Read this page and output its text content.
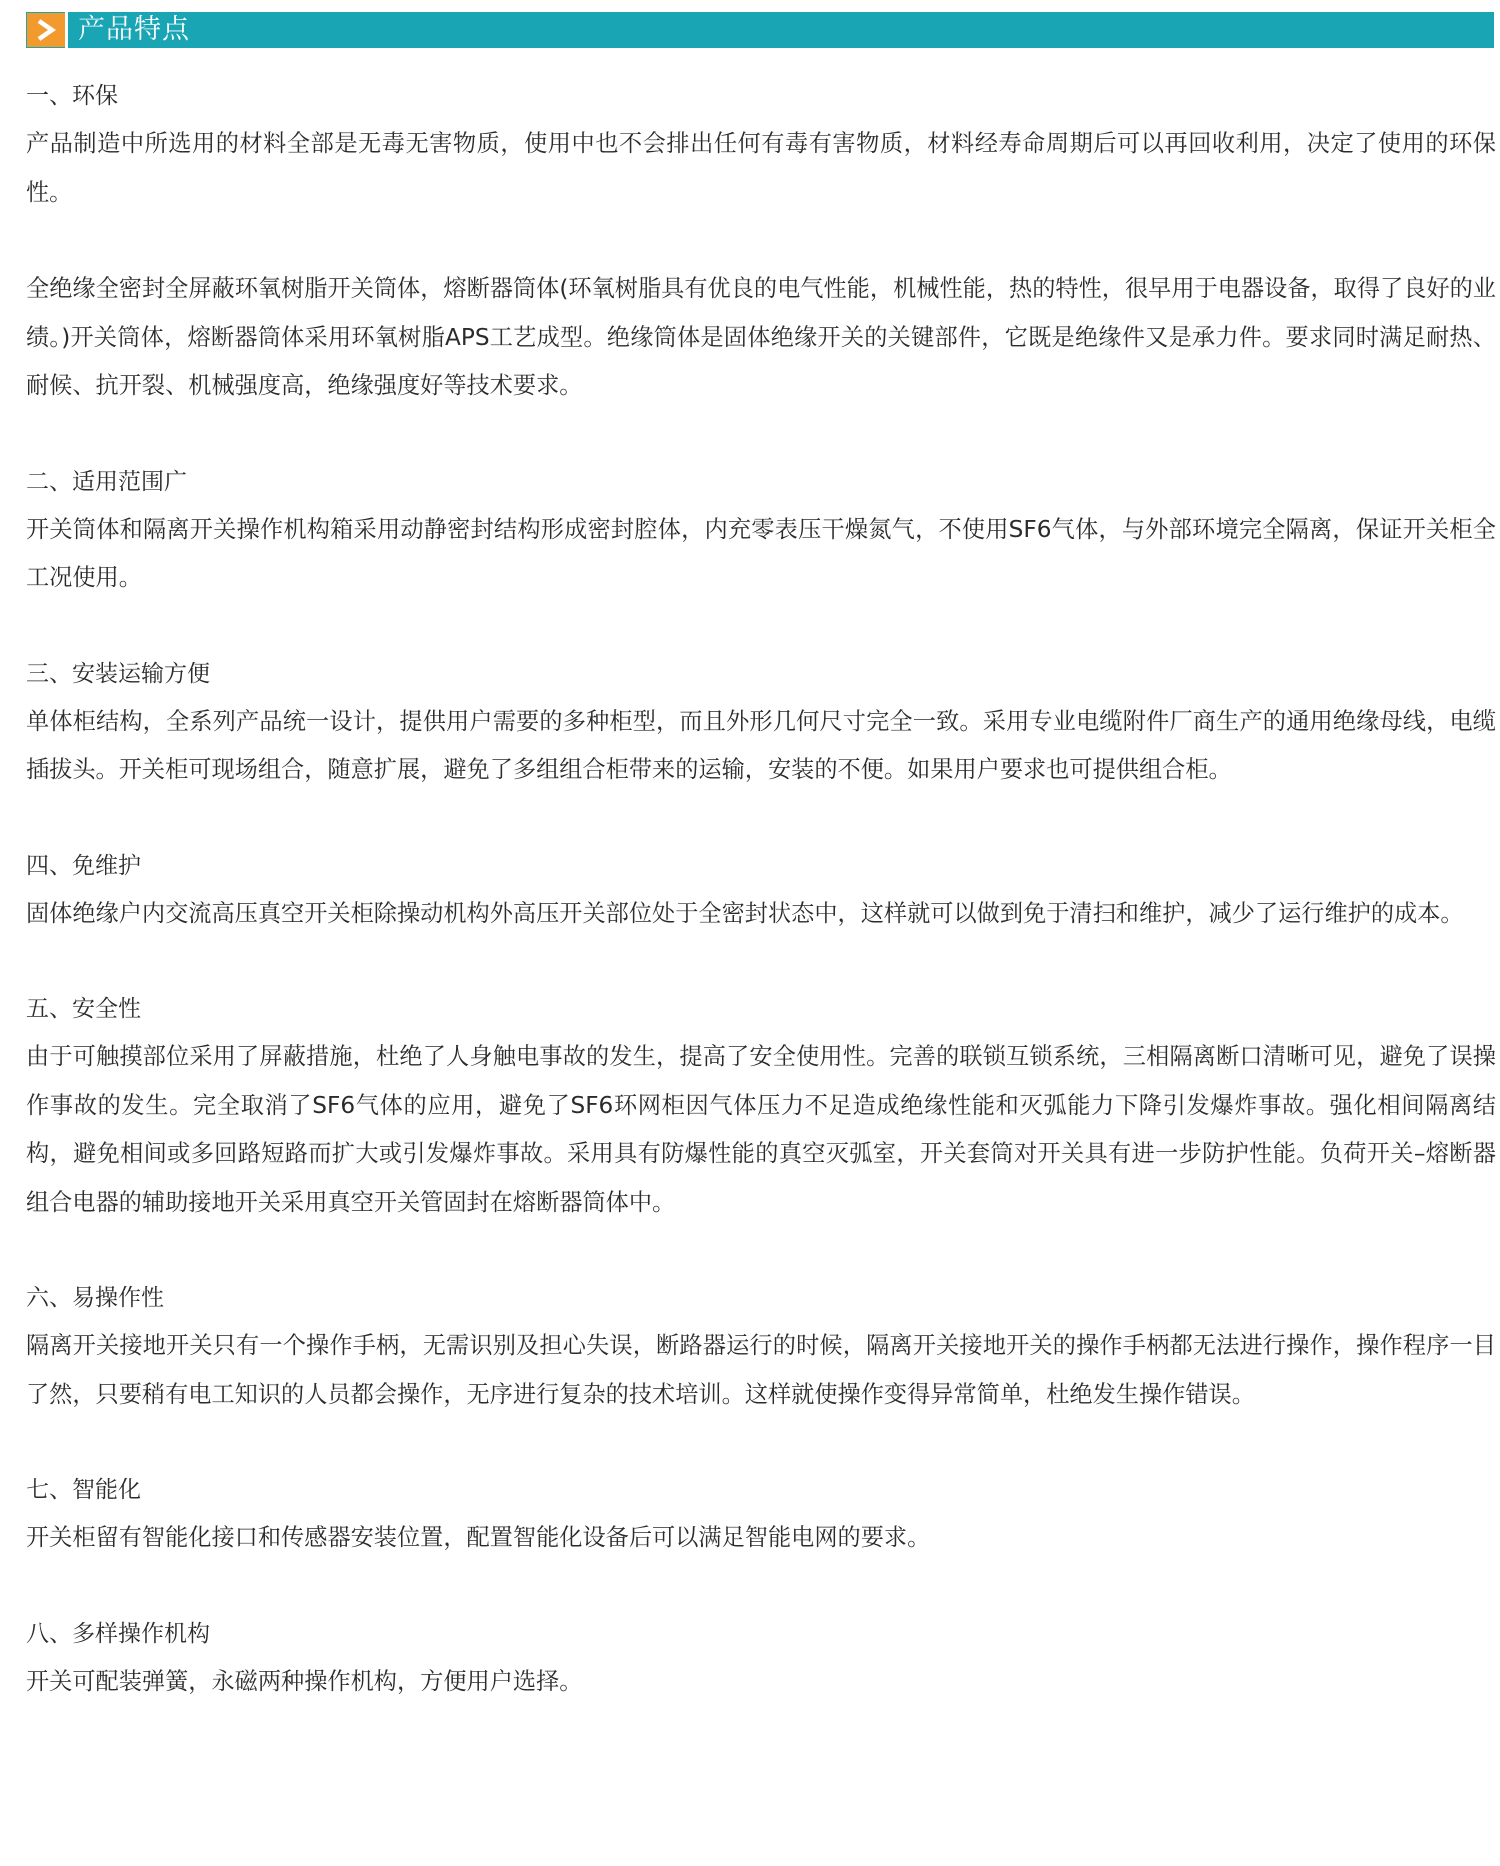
产品特点
一、环保

产品制造中所选用的材料全部是无毒无害物质，使用中也不会排出任何有毒有害物质，材料经寿命周期后可以再回收利用，决定了使用的环保性。

全绝缘全密封全屏蔽环氧树脂开关筒体，熔断器筒体(环氧树脂具有优良的电气性能，机械性能，热的特性，很早用于电器设备，取得了良好的业绩。)开关筒体，熔断器筒体采用环氧树脂APS工艺成型。绝缘筒体是固体绝缘开关的关键部件，它既是绝缘件又是承力件。要求同时满足耐热、耐候、抗开裂、机械强度高，绝缘强度好等技术要求。

二、适用范围广

开关筒体和隔离开关操作机构箱采用动静密封结构形成密封腔体，内充零表压干燥氮气，不使用SF6气体，与外部环境完全隔离，保证开关柜全工况使用。

三、安装运输方便

单体柜结构，全系列产品统一设计，提供用户需要的多种柜型，而且外形几何尺寸完全一致。采用专业电缆附件厂商生产的通用绝缘母线，电缆插拔头。开关柜可现场组合，随意扩展，避免了多组组合柜带来的运输，安装的不便。如果用户要求也可提供组合柜。

四、免维护

固体绝缘户内交流高压真空开关柜除操动机构外高压开关部位处于全密封状态中，这样就可以做到免于清扫和维护，减少了运行维护的成本。

五、安全性

由于可触摸部位采用了屏蔽措施，杜绝了人身触电事故的发生，提高了安全使用性。完善的联锁互锁系统，三相隔离断口清晰可见，避免了误操作事故的发生。完全取消了SF6气体的应用，避免了SF6环网柜因气体压力不足造成绝缘性能和灭弧能力下降引发爆炸事故。强化相间隔离结构，避免相间或多回路短路而扩大或引发爆炸事故。采用具有防爆性能的真空灭弧室，开关套筒对开关具有进一步防护性能。负荷开关–熔断器组合电器的辅助接地开关采用真空开关管固封在熔断器筒体中。

六、易操作性

隔离开关接地开关只有一个操作手柄，无需识别及担心失误，断路器运行的时候，隔离开关接地开关的操作手柄都无法进行操作，操作程序一目了然，只要稍有电工知识的人员都会操作，无序进行复杂的技术培训。这样就使操作变得异常简单，杜绝发生操作错误。

七、智能化

开关柜留有智能化接口和传感器安装位置，配置智能化设备后可以满足智能电网的要求。

八、多样操作机构

开关可配装弹簧，永磁两种操作机构，方便用户选择。
